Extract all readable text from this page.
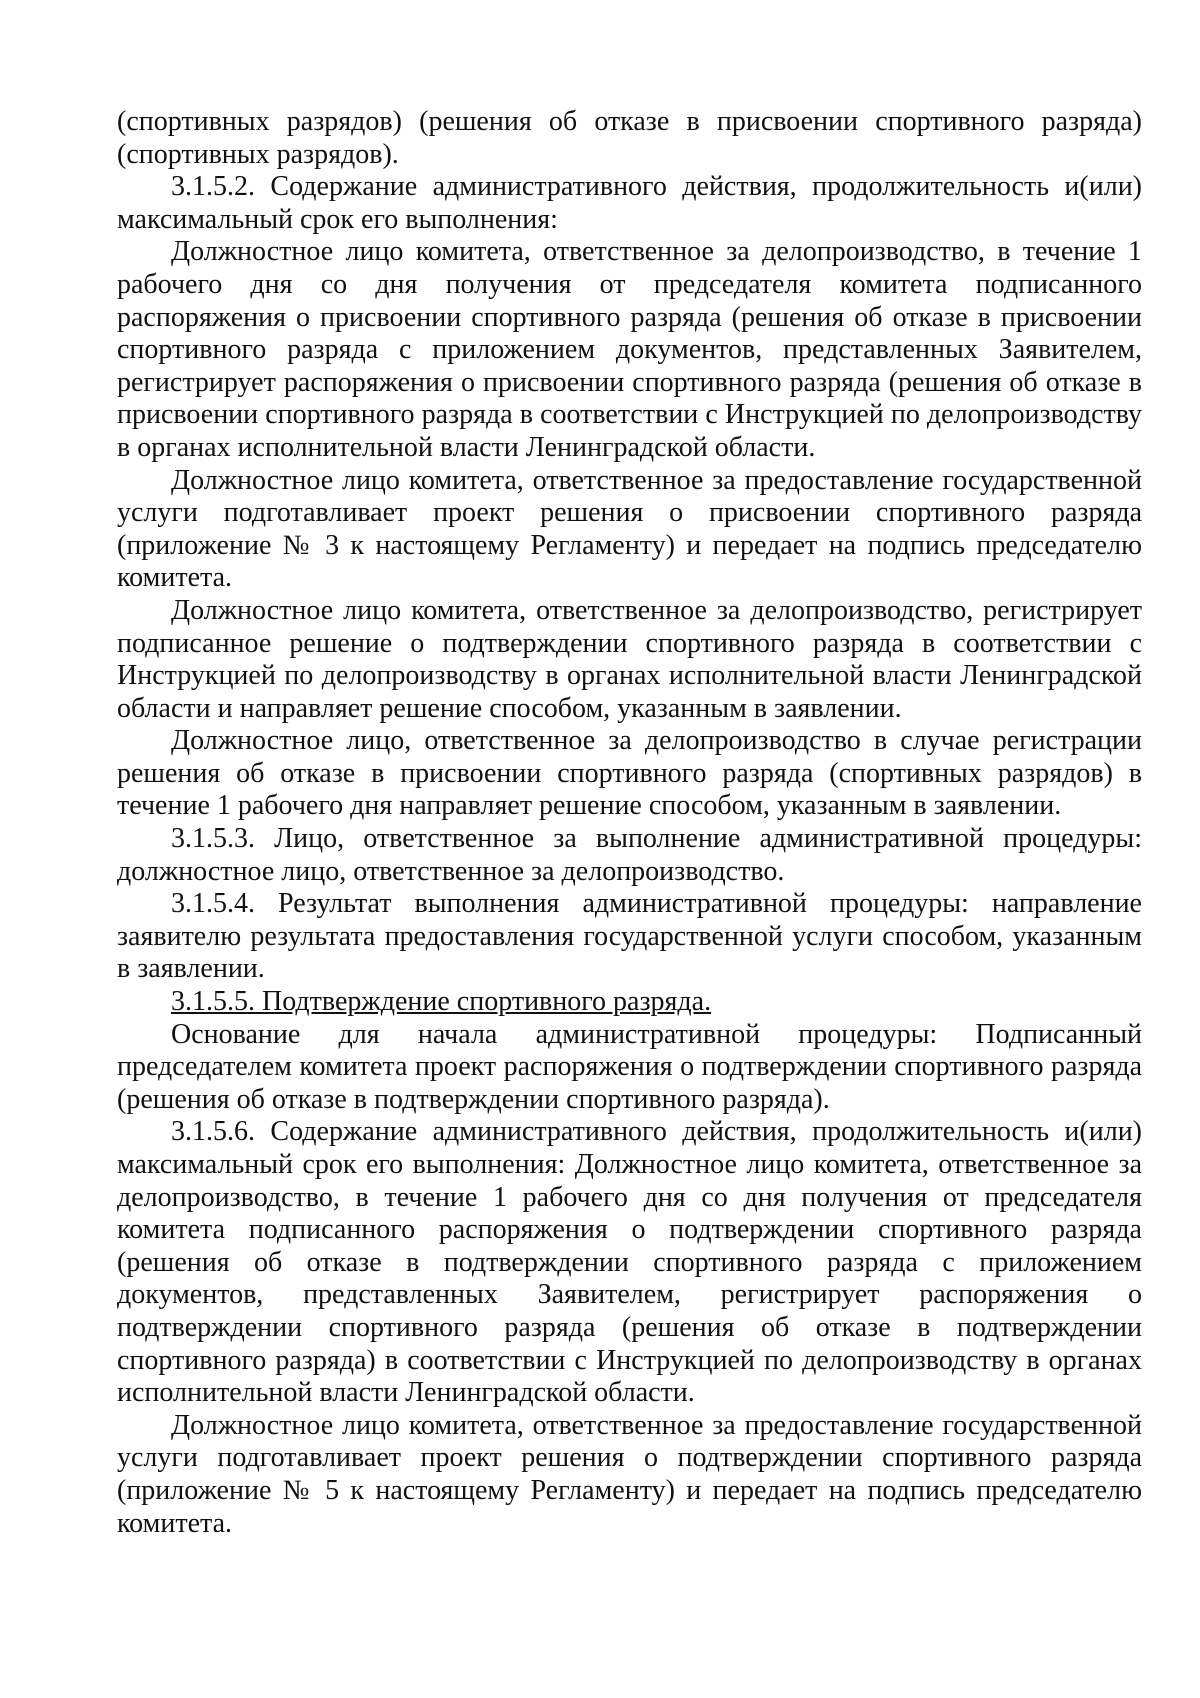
(спортивных разрядов) (решения об отказе в присвоении спортивного разряда) (спортивных разрядов).

3.1.5.2. Содержание административного действия, продолжительность и(или) максимальный срок его выполнения:

Должностное лицо комитета, ответственное за делопроизводство, в течение 1 рабочего дня со дня получения от председателя комитета подписанного распоряжения о присвоении спортивного разряда (решения об отказе в присвоении спортивного разряда с приложением документов, представленных Заявителем, регистрирует распоряжения о присвоении спортивного разряда (решения об отказе в присвоении спортивного разряда в соответствии с Инструкцией по делопроизводству в органах исполнительной власти Ленинградской области.

Должностное лицо комитета, ответственное за предоставление государственной услуги подготавливает проект решения о присвоении спортивного разряда (приложение № 3 к настоящему Регламенту) и передает на подпись председателю комитета.

Должностное лицо комитета, ответственное за делопроизводство, регистрирует подписанное решение о подтверждении спортивного разряда в соответствии с Инструкцией по делопроизводству в органах исполнительной власти Ленинградской области и направляет решение способом, указанным в заявлении.

Должностное лицо, ответственное за делопроизводство в случае регистрации решения об отказе в присвоении спортивного разряда (спортивных разрядов) в течение 1 рабочего дня направляет решение способом, указанным в заявлении.

3.1.5.3. Лицо, ответственное за выполнение административной процедуры: должностное лицо, ответственное за делопроизводство.

3.1.5.4. Результат выполнения административной процедуры: направление заявителю результата предоставления государственной услуги способом, указанным в заявлении.

3.1.5.5. Подтверждение спортивного разряда.

Основание для начала административной процедуры: Подписанный председателем комитета проект распоряжения о подтверждении спортивного разряда (решения об отказе в подтверждении спортивного разряда).

3.1.5.6. Содержание административного действия, продолжительность и(или) максимальный срок его выполнения: Должностное лицо комитета, ответственное за делопроизводство, в течение 1 рабочего дня со дня получения от председателя комитета подписанного распоряжения о подтверждении спортивного разряда (решения об отказе в подтверждении спортивного разряда с приложением документов, представленных Заявителем, регистрирует распоряжения о подтверждении спортивного разряда (решения об отказе в подтверждении спортивного разряда) в соответствии с Инструкцией по делопроизводству в органах исполнительной власти Ленинградской области.

Должностное лицо комитета, ответственное за предоставление государственной услуги подготавливает проект решения о подтверждении спортивного разряда (приложение № 5 к настоящему Регламенту) и передает на подпись председателю комитета.
